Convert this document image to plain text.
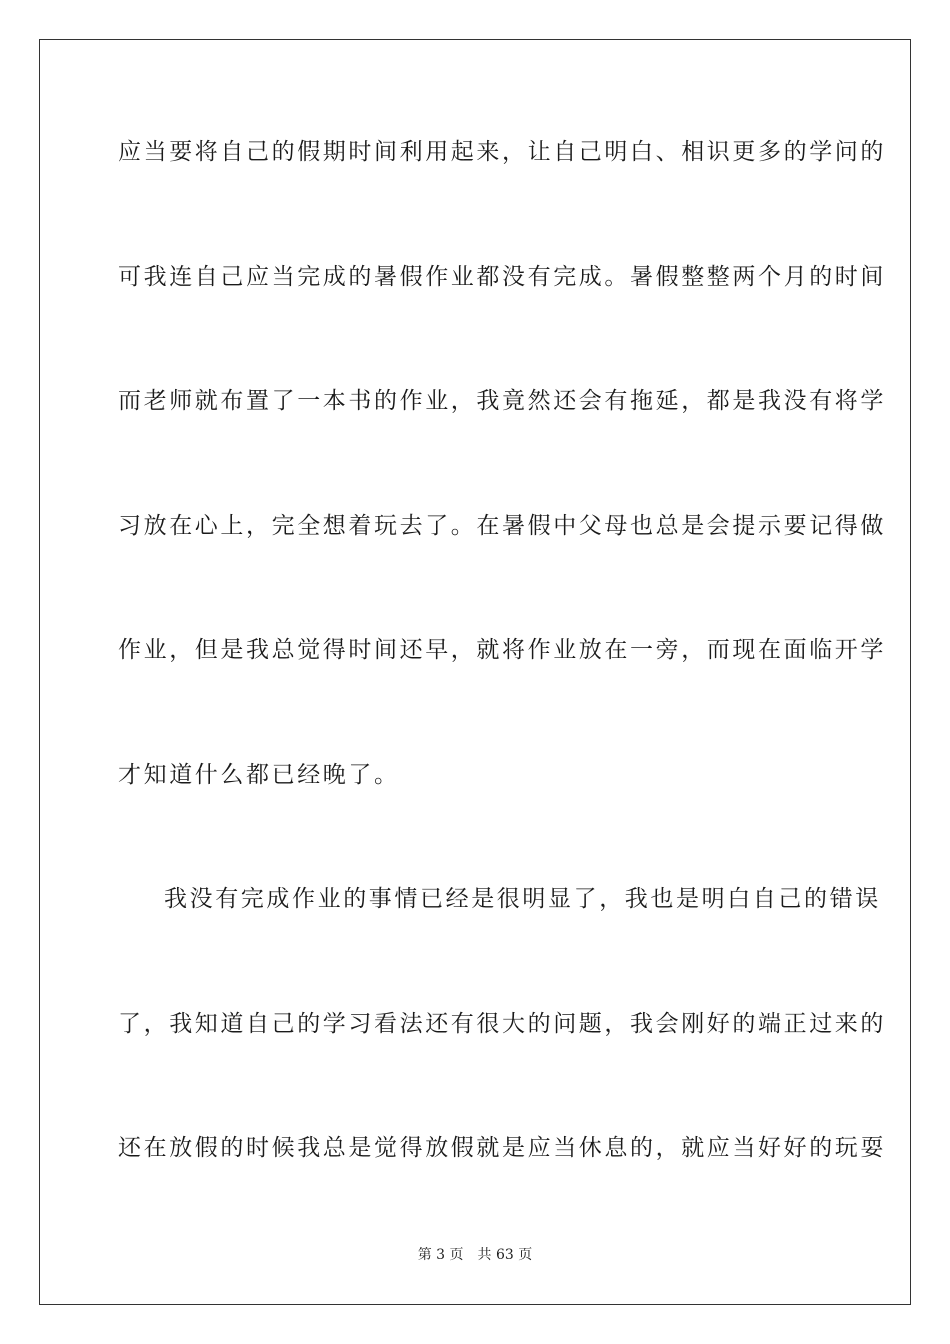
应当要将自己的假期时间利用起来，让自己明白、相识更多的学问的
可我连自己应当完成的暑假作业都没有完成。暑假整整两个月的时间
而老师就布置了一本书的作业，我竟然还会有拖延，都是我没有将学
习放在心上，完全想着玩去了。在暑假中父母也总是会提示要记得做
作业，但是我总觉得时间还早，就将作业放在一旁，而现在面临开学
才知道什么都已经晚了。
我没有完成作业的事情已经是很明显了，我也是明白自己的错误
了，我知道自己的学习看法还有很大的问题，我会刚好的端正过来的
还在放假的时候我总是觉得放假就是应当休息的，就应当好好的玩耍
第 3 页 共 63 页
